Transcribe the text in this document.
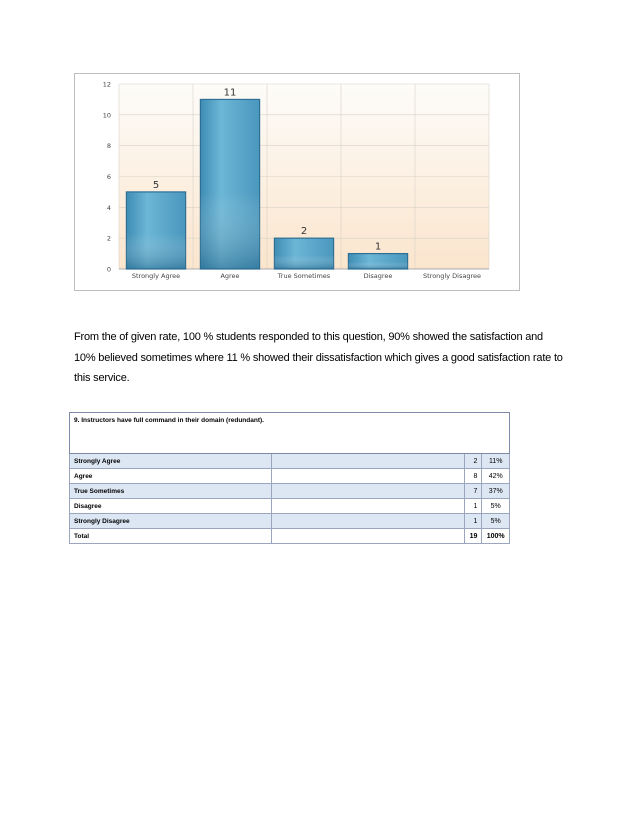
0
2
4
6
8
10
12
5
Strongly Agree
11
Agree
2
True Sometimes
1
Disagree	Strongly Disagree
From the of given rate, 100 % students responded to this question, 90% showed the satisfaction and
10% believed sometimes where 11 % showed their dissatisfaction which gives a good satisfaction rate to
this service.
9. Instructors have full command in their domain (redundant).			
Strongly Agree		2	11%
Agree		8	42%
True Sometimes		7	37%
Disagree		1	5%
Strongly Disagree		1	5%
Total		19	100%
